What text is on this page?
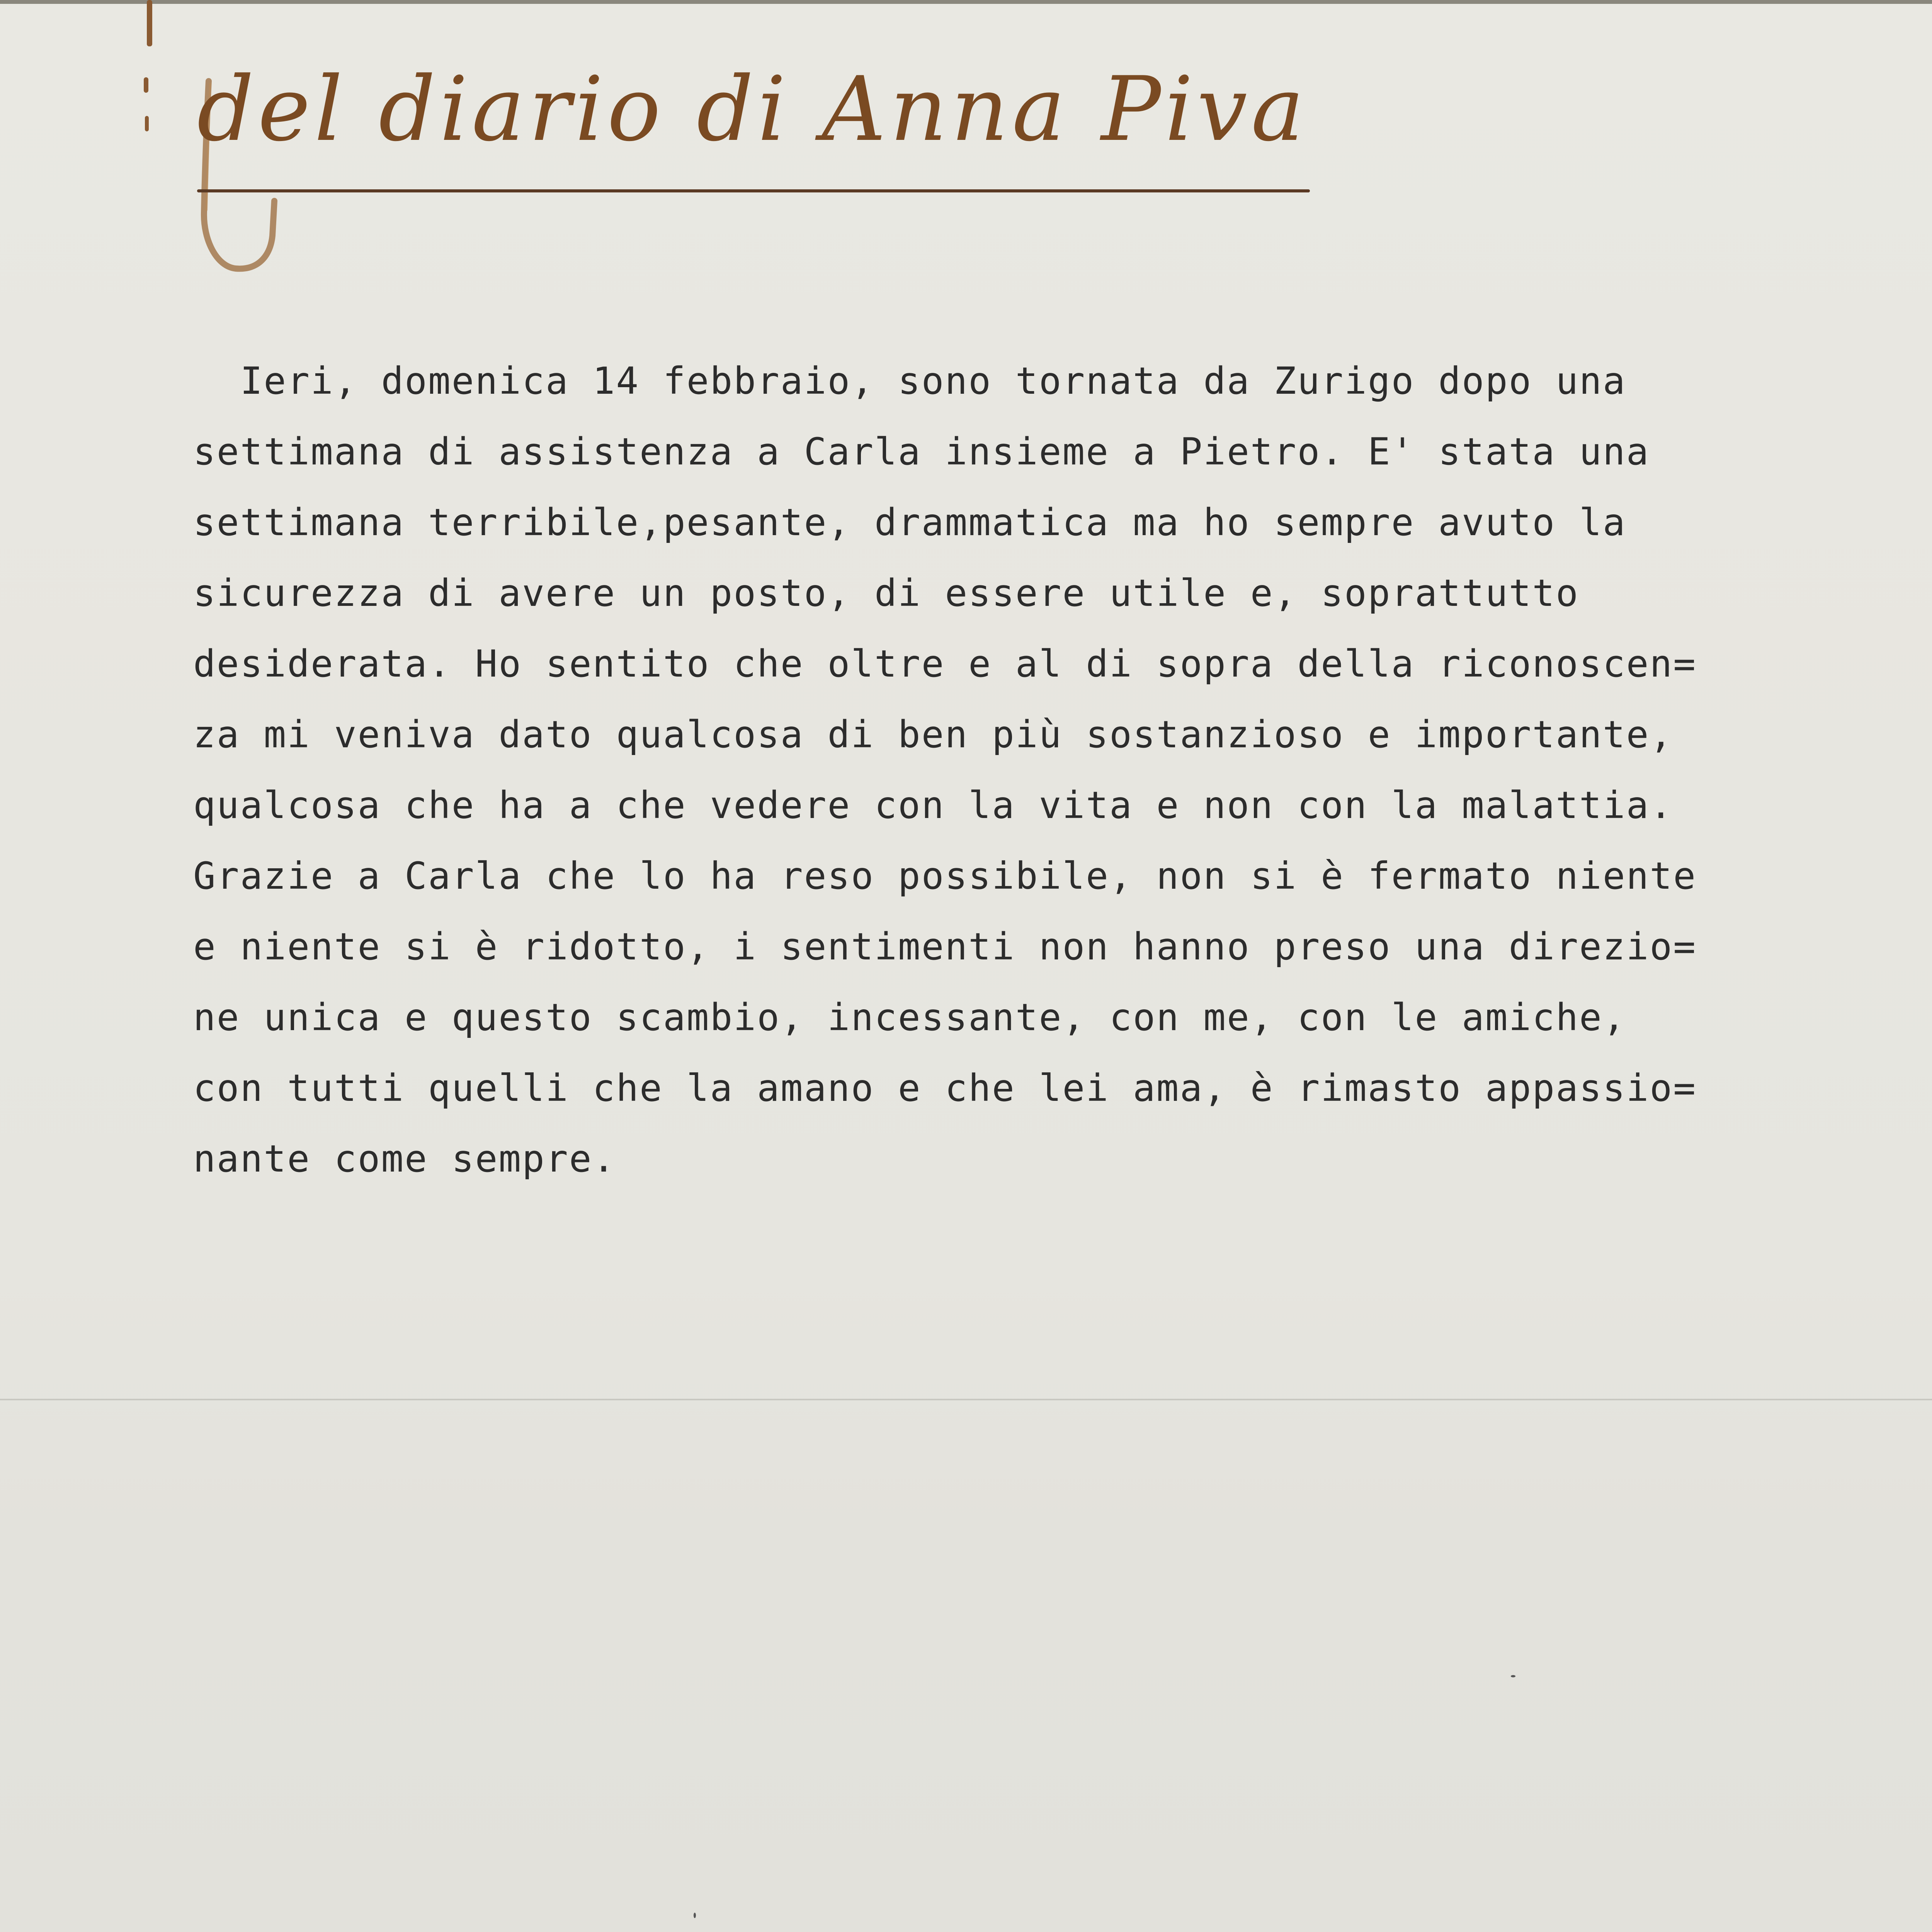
del diario di Anna Piva
Ieri, domenica 14 febbraio, sono tornata da Zurigo dopo una
settimana di assistenza a Carla insieme a Pietro. E' stata una
settimana terribile,pesante, drammatica ma ho sempre avuto la
sicurezza di avere un posto, di essere utile e, soprattutto
desiderata. Ho sentito che oltre e al di sopra della riconoscen=
za mi veniva dato qualcosa di ben più sostanzioso e importante,
qualcosa che ha a che vedere con la vita e non con la malattia.
Grazie a Carla che lo ha reso possibile, non si è fermato niente
e niente si è ridotto, i sentimenti non hanno preso una direzio=
ne unica e questo scambio, incessante, con me, con le amiche,
con tutti quelli che la amano e che lei ama, è rimasto appassio=
nante come sempre.
